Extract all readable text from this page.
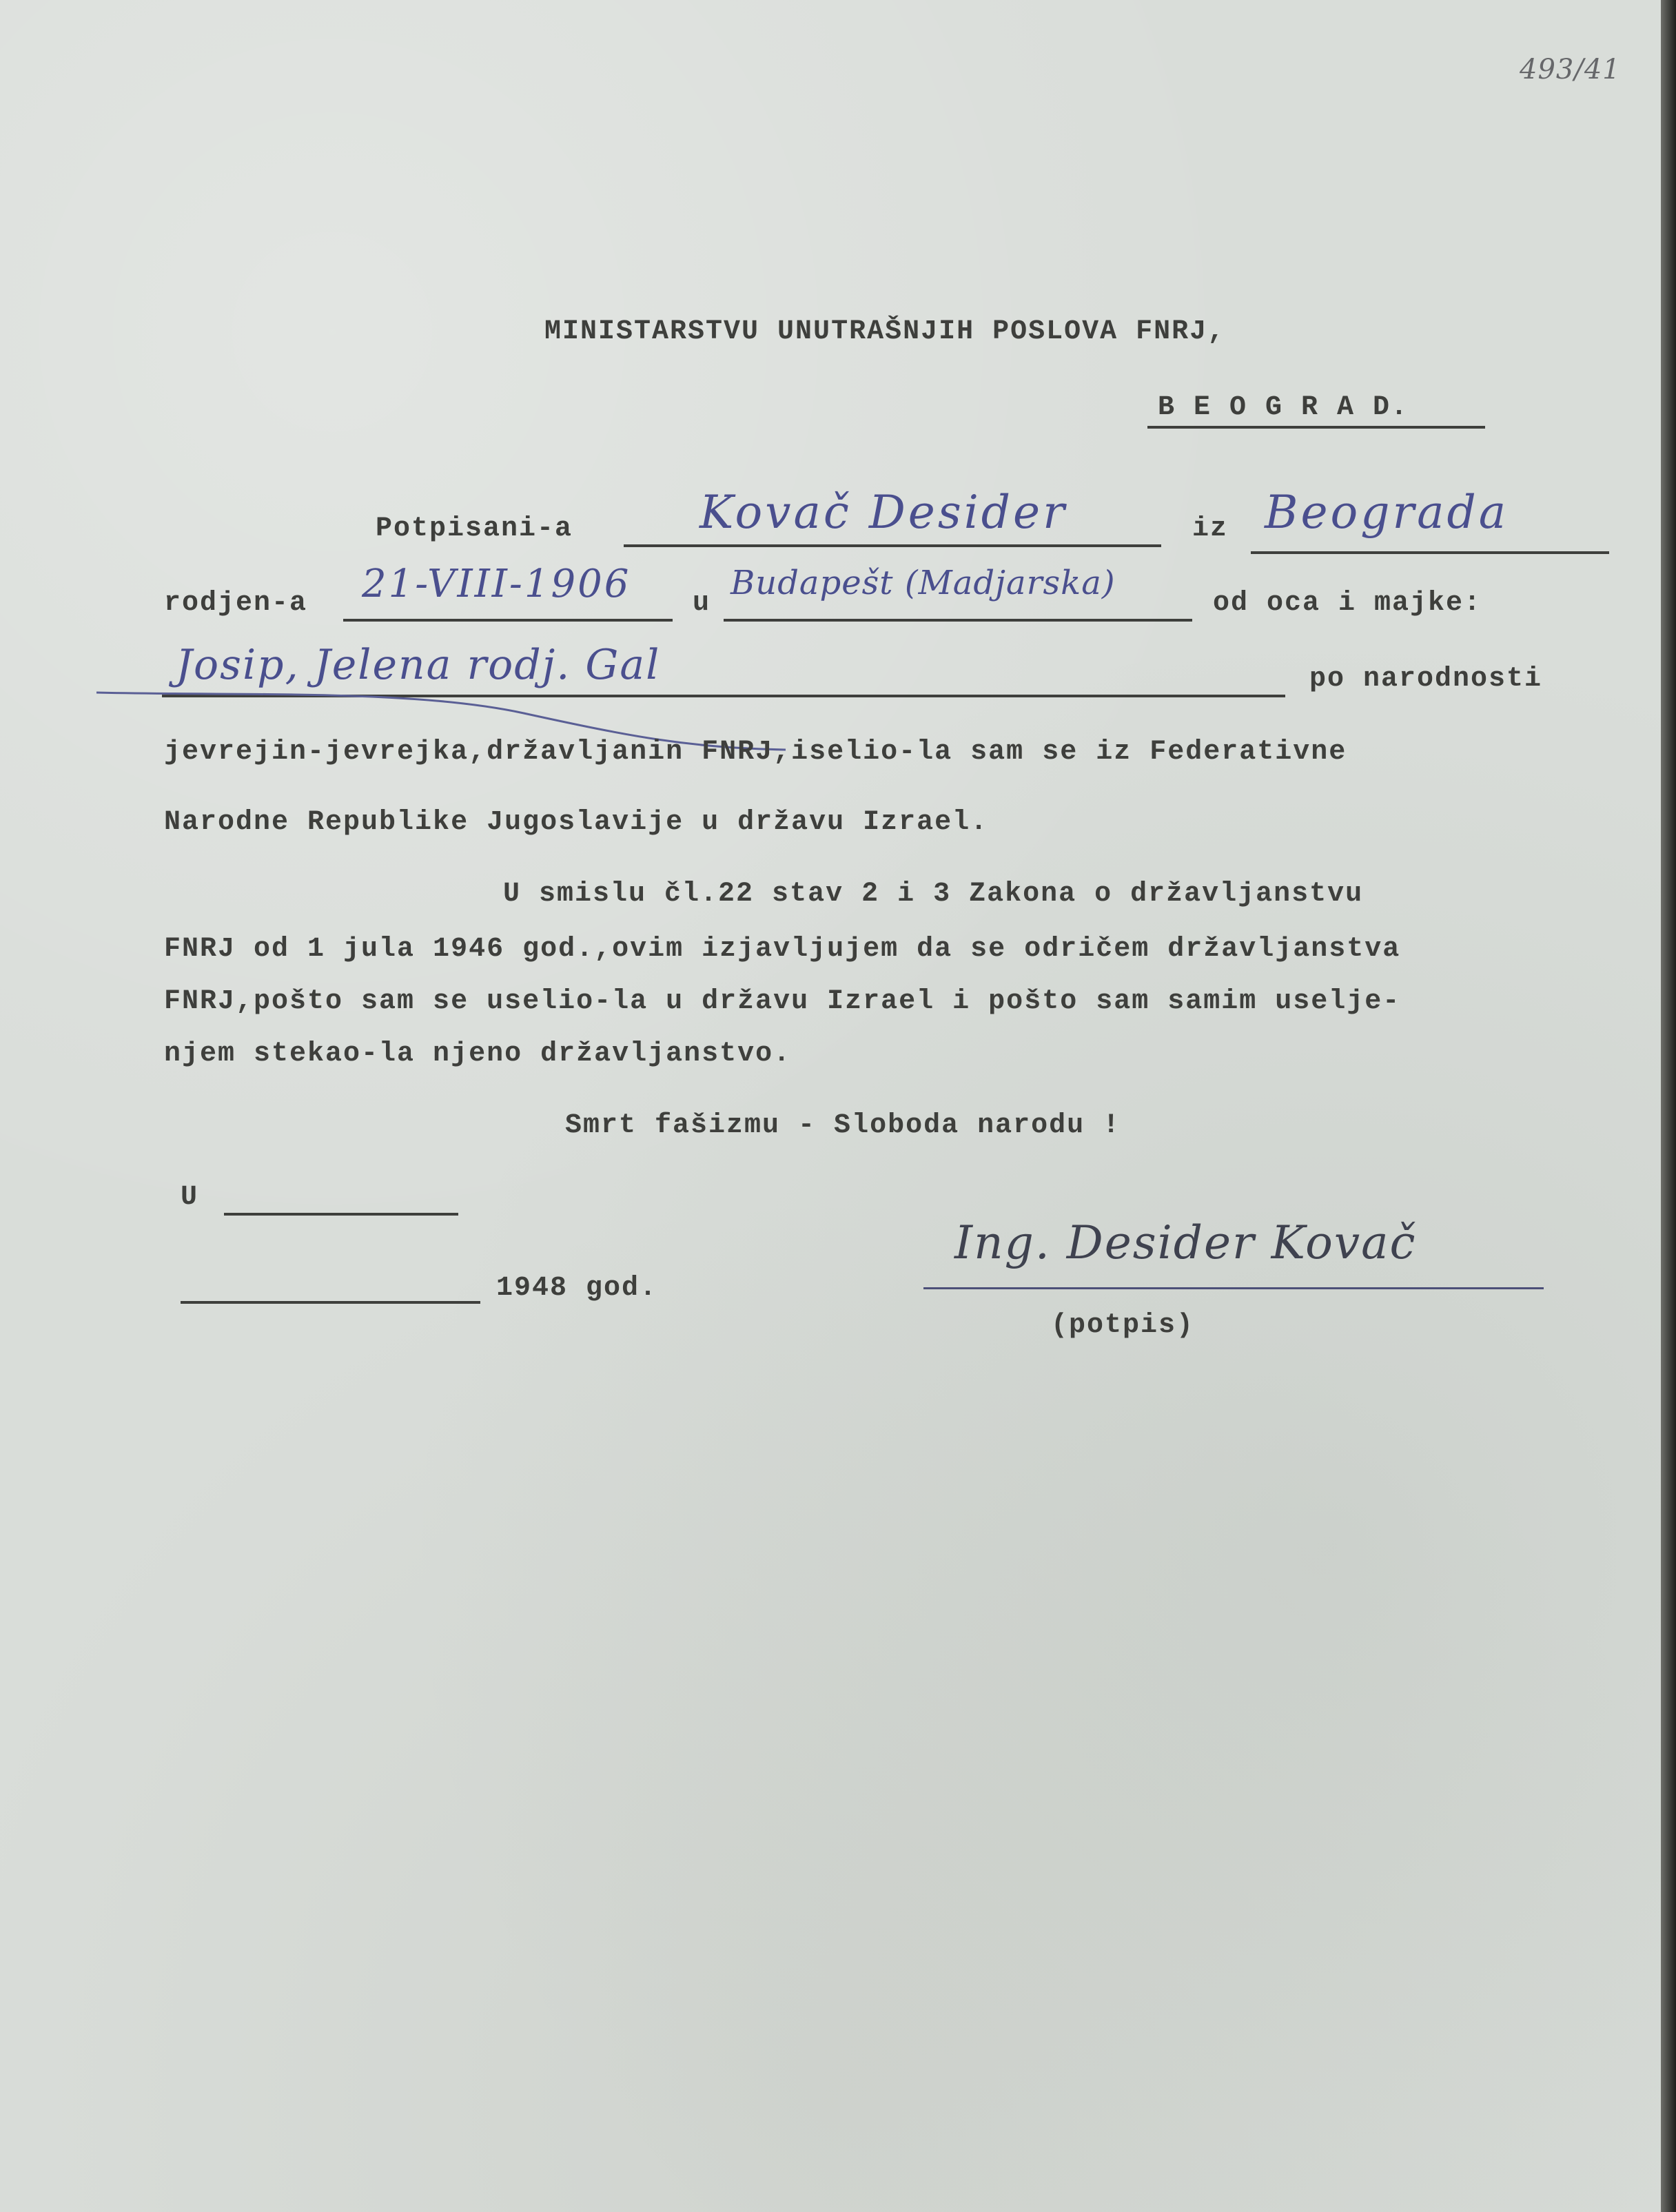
493/41
MINISTARSTVU UNUTRAŠNJIH POSLOVA FNRJ,
B E O G R A D.
Potpisani-a	Kovač Desider	iz Beograda
rodjen-a 21-VIII-1906 u
Budapešt (Madjarska)
od oca i majke:
Josip, Jelena rodj. Gal	po narodnosti
jevrejin-jevrejka,državljanin FNRJ,iselio-la sam se iz Federativne
Narodne Republike Jugoslavije u državu Izrael.
U smislu čl.22 stav 2 i 3 Zakona o državljanstvu
FNRJ od 1 jula 1946 god.,ovim izjavljujem da se odričem državljanstva
FNRJ,pošto sam se uselio-la u državu Izrael i pošto sam samim uselje-
njem stekao-la njeno državljanstvo.
Smrt fašizmu - Sloboda narodu !
U
1948 god.
Ing. Desider Kovač
(potpis)
